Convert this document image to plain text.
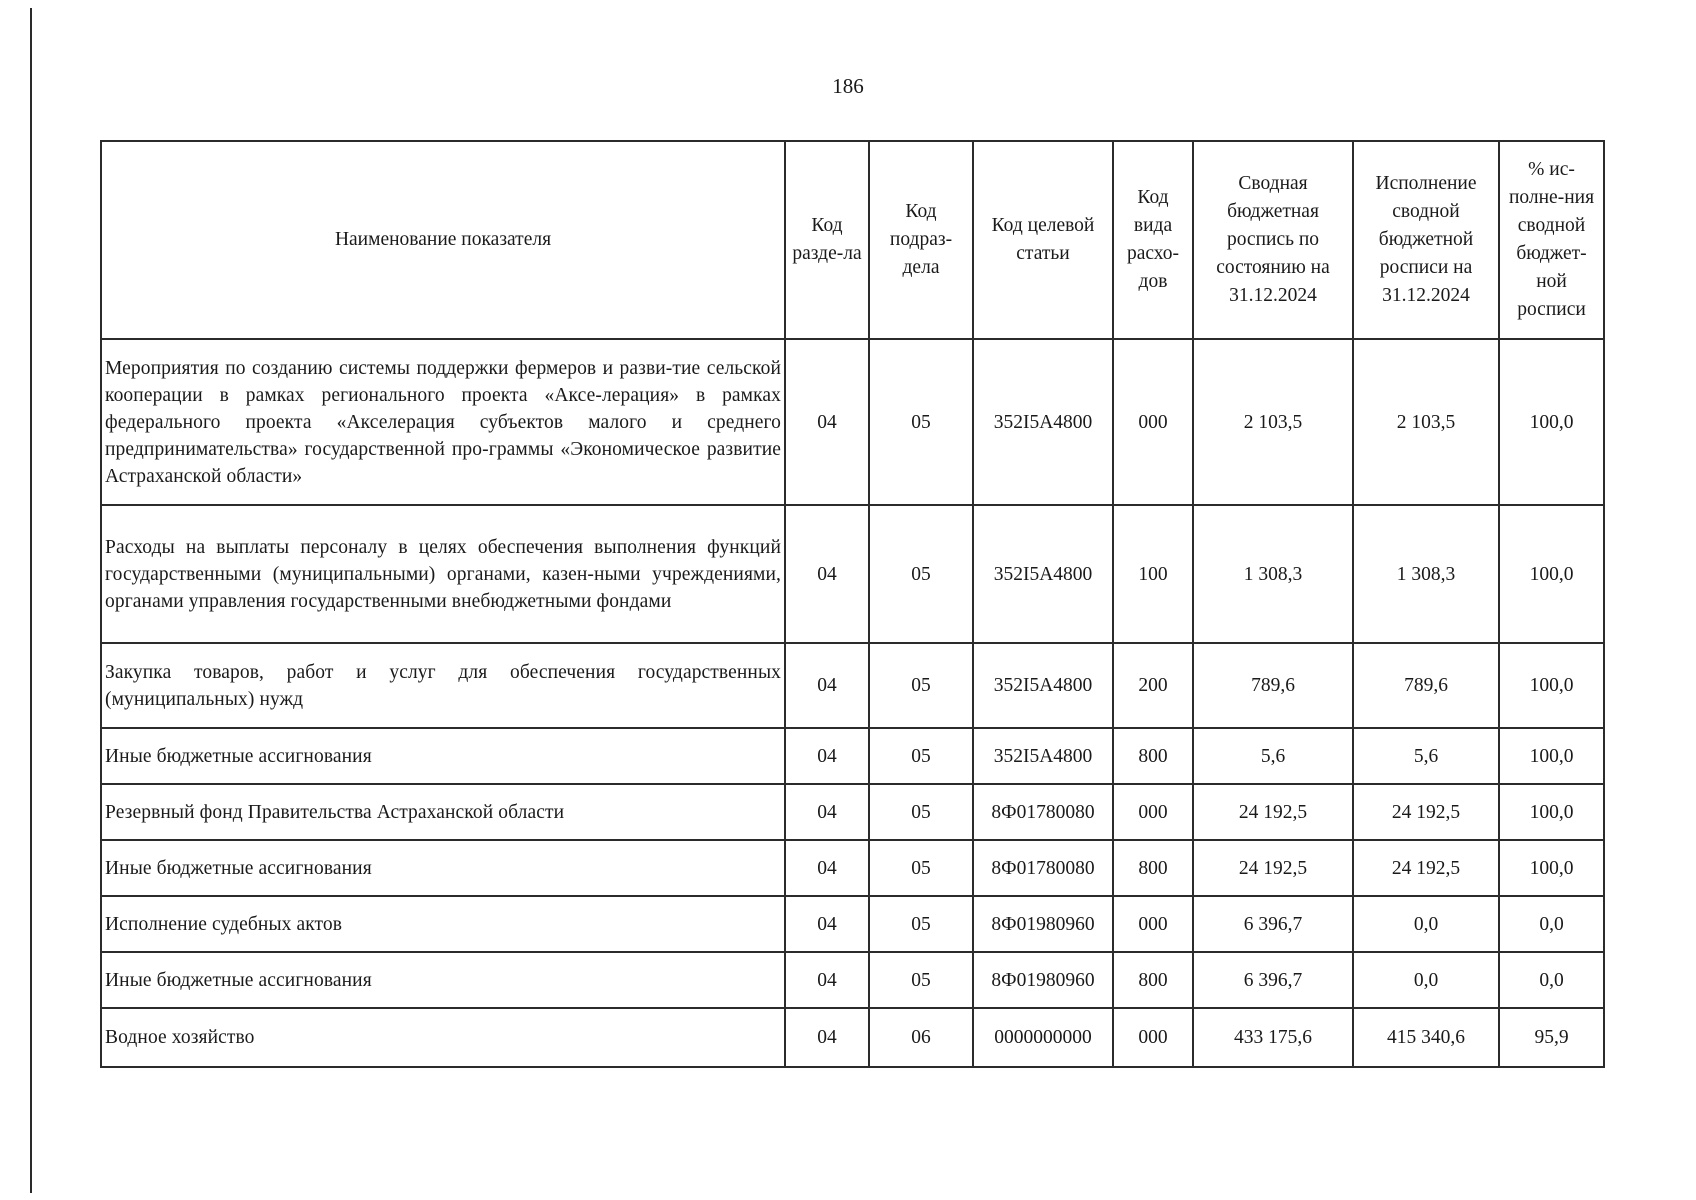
186
Наименование показателя	Код разде-ла	Код подраз-дела	Код целевой статьи	Код вида расхо-дов	Сводная бюджетная роспись по состоянию на 31.12.2024	Исполнение сводной бюджетной росписи на 31.12.2024	% ис-полне-ния сводной бюджет-ной росписи
Мероприятия по созданию системы поддержки фермеров и разви-тие сельской кооперации в рамках регионального проекта «Аксе-лерация» в рамках федерального проекта «Акселерация субъектов малого и среднего предпринимательства» государственной про-граммы «Экономическое развитие Астраханской области»	04	05	352I5A4800	000	2 103,5	2 103,5	100,0
Расходы на выплаты персоналу в целях обеспечения выполнения функций государственными (муниципальными) органами, казен-ными учреждениями, органами управления государственными внебюджетными фондами	04	05	352I5A4800	100	1 308,3	1 308,3	100,0
Закупка товаров, работ и услуг для обеспечения государственных (муниципальных) нужд	04	05	352I5A4800	200	789,6	789,6	100,0
Иные бюджетные ассигнования	04	05	352I5A4800	800	5,6	5,6	100,0
Резервный фонд Правительства Астраханской области	04	05	8Ф01780080	000	24 192,5	24 192,5	100,0
Иные бюджетные ассигнования	04	05	8Ф01780080	800	24 192,5	24 192,5	100,0
Исполнение судебных актов	04	05	8Ф01980960	000	6 396,7	0,0	0,0
Иные бюджетные ассигнования	04	05	8Ф01980960	800	6 396,7	0,0	0,0
Водное хозяйство	04	06	0000000000	000	433 175,6	415 340,6	95,9
